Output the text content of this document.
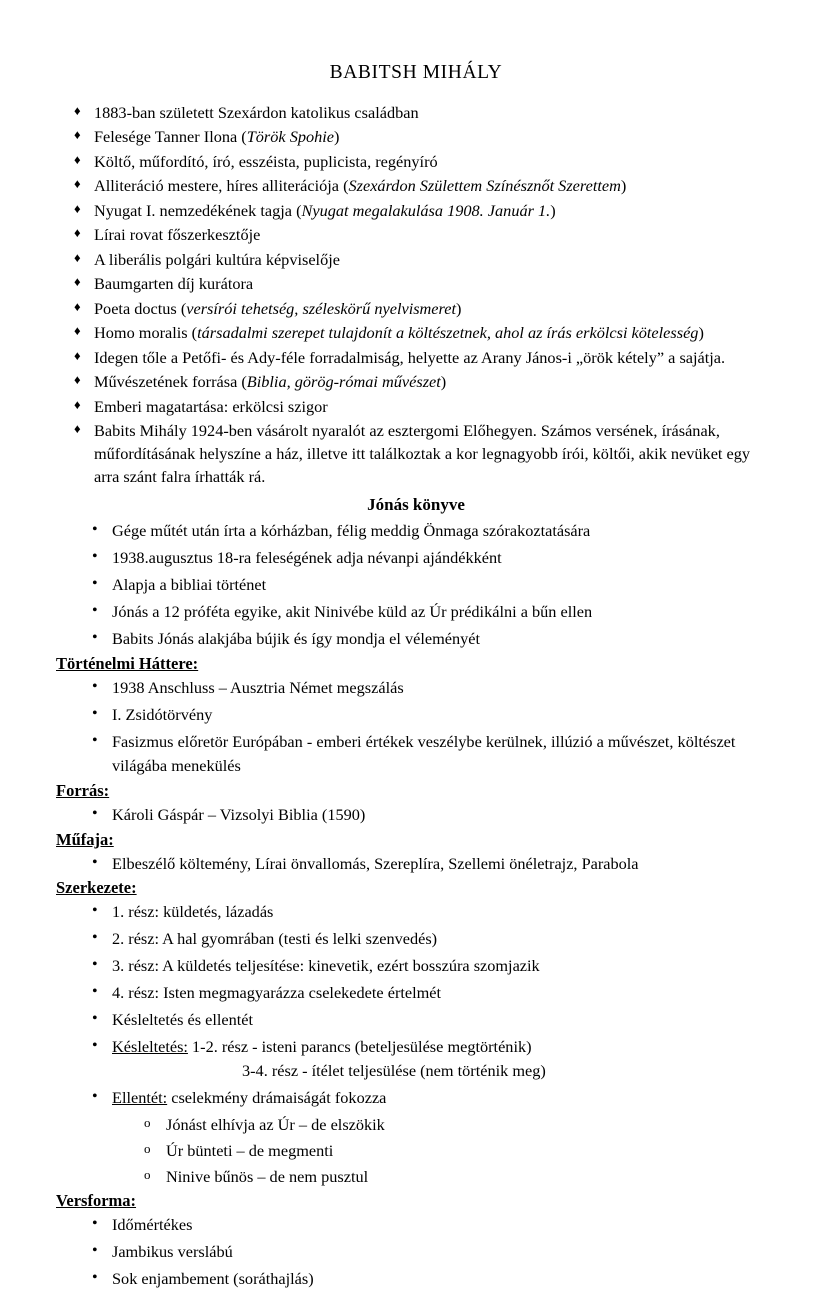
BABITSH MIHÁLY
♦ 1883-ban született Szexárdon katolikus családban
♦ Felesége Tanner Ilona (Török Spohie)
♦ Költő, műfordító, író, esszéista, puplicista, regényíró
♦ Alliteráció mestere, híres alliterációja (Szexárdon Születtem Színésznőt Szerettem)
♦ Nyugat I. nemzedékének tagja (Nyugat megalakulása 1908. Január 1.)
♦ Lírai rovat főszerkesztője
♦ A liberális polgári kultúra képviselője
♦ Baumgarten díj kurátora
♦ Poeta doctus (versírói tehetség, széleskörű nyelvismeret)
♦ Homo moralis (társadalmi szerepet tulajdonít a költészetnek, ahol az írás erkölcsi kötelesség)
♦ Idegen tőle a Petőfi- és Ady-féle forradalmiság, helyette az Arany János-i „örök kétely” a sajátja.
♦ Művészetének forrása (Biblia, görög-római művészet)
♦ Emberi magatartása: erkölcsi szigor
♦ Babits Mihály 1924-ben vásárolt nyaralót az esztergomi Előhegyen. Számos versének, írásának, műfordításának helyszíne a ház, illetve itt találkoztak a kor legnagyobb írói, költői, akik nevüket egy arra szánt falra írhatták rá.
Jónás könyve
• Gége műtét után írta a kórházban, félig meddig Önmaga szórakoztatására
• 1938.augusztus 18-ra feleségének adja névanpi ajándékként
• Alapja a bibliai történet
• Jónás a 12 próféta egyike, akit Ninivébe küld az Úr prédikálni a bűn ellen
• Babits Jónás alakjába bújik és így mondja el véleményét
Történelmi Háttere:
• 1938 Anschluss – Ausztria Német megszálás
• I. Zsidótörvény
• Fasizmus előretör Európában - emberi értékek veszélybe kerülnek, illúzió a művészet, költészet világába menekülés
Forrás:
• Károli Gáspár – Vizsolyi Biblia (1590)
Műfaja:
• Elbeszélő költemény, Lírai önvallomás, Szereplíra, Szellemi önéletrajz, Parabola
Szerkezete:
• 1. rész: küldetés, lázadás
• 2. rész: A hal gyomrában (testi és lelki szenvedés)
• 3. rész: A küldetés teljesítése: kinevetik, ezért bosszúra szomjazik
• 4. rész: Isten megmagyarázza cselekedete értelmét
• Késleltetés és ellentét
• Késleltetés: 1-2. rész - isteni parancs (beteljesülése megtörténik)
3-4. rész - ítélet teljesülése (nem történik meg)
• Ellentét: cselekmény drámaiságát fokozza
o Jónást elhívja az Úr – de elszökik
o Úr bünteti – de megmenti
o Ninive bűnös – de nem pusztul
Versforma:
• Időmértékes
• Jambikus verslábú
• Sok enjambement (soráthajlás)
